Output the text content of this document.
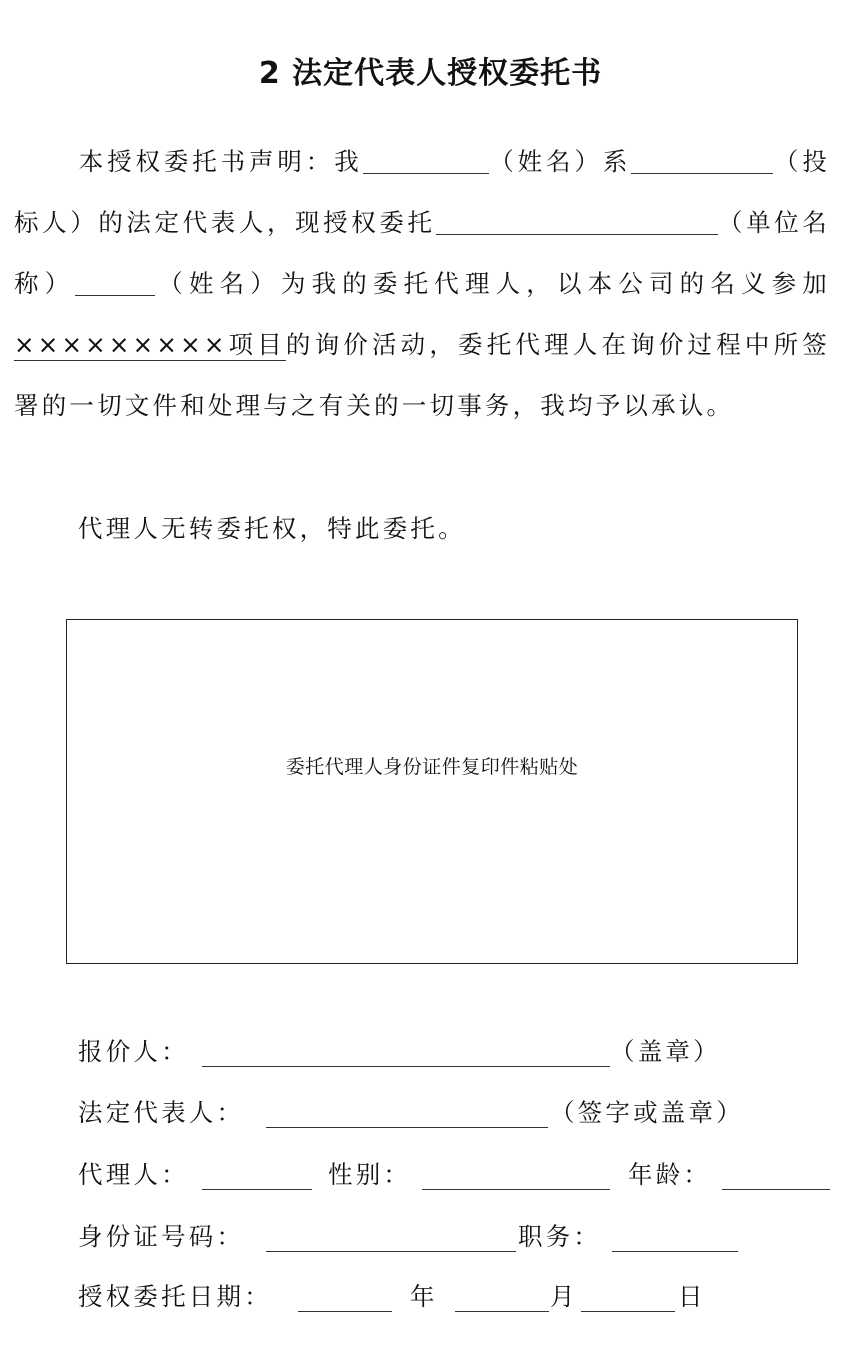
2 法定代表人授权委托书

本授权委托书声明：我	（姓名）系	（投标人）的法定代表人，现授权委托	（单位名称）	（姓名）为我的委托代理人，以本公司的名义参加×××××××××项目的询价活动，委托代理人在询价过程中所签署的一切文件和处理与之有关的一切事务，我均予以承认。

代理人无转委托权，特此委托。

委托代理人身份证件复印件粘贴处
报价人：	（盖章）
法定代表人：	（签字或盖章）
代理人：	性别：	年龄：
身份证号码：	职务：
授权委托日期：	年	月	日
